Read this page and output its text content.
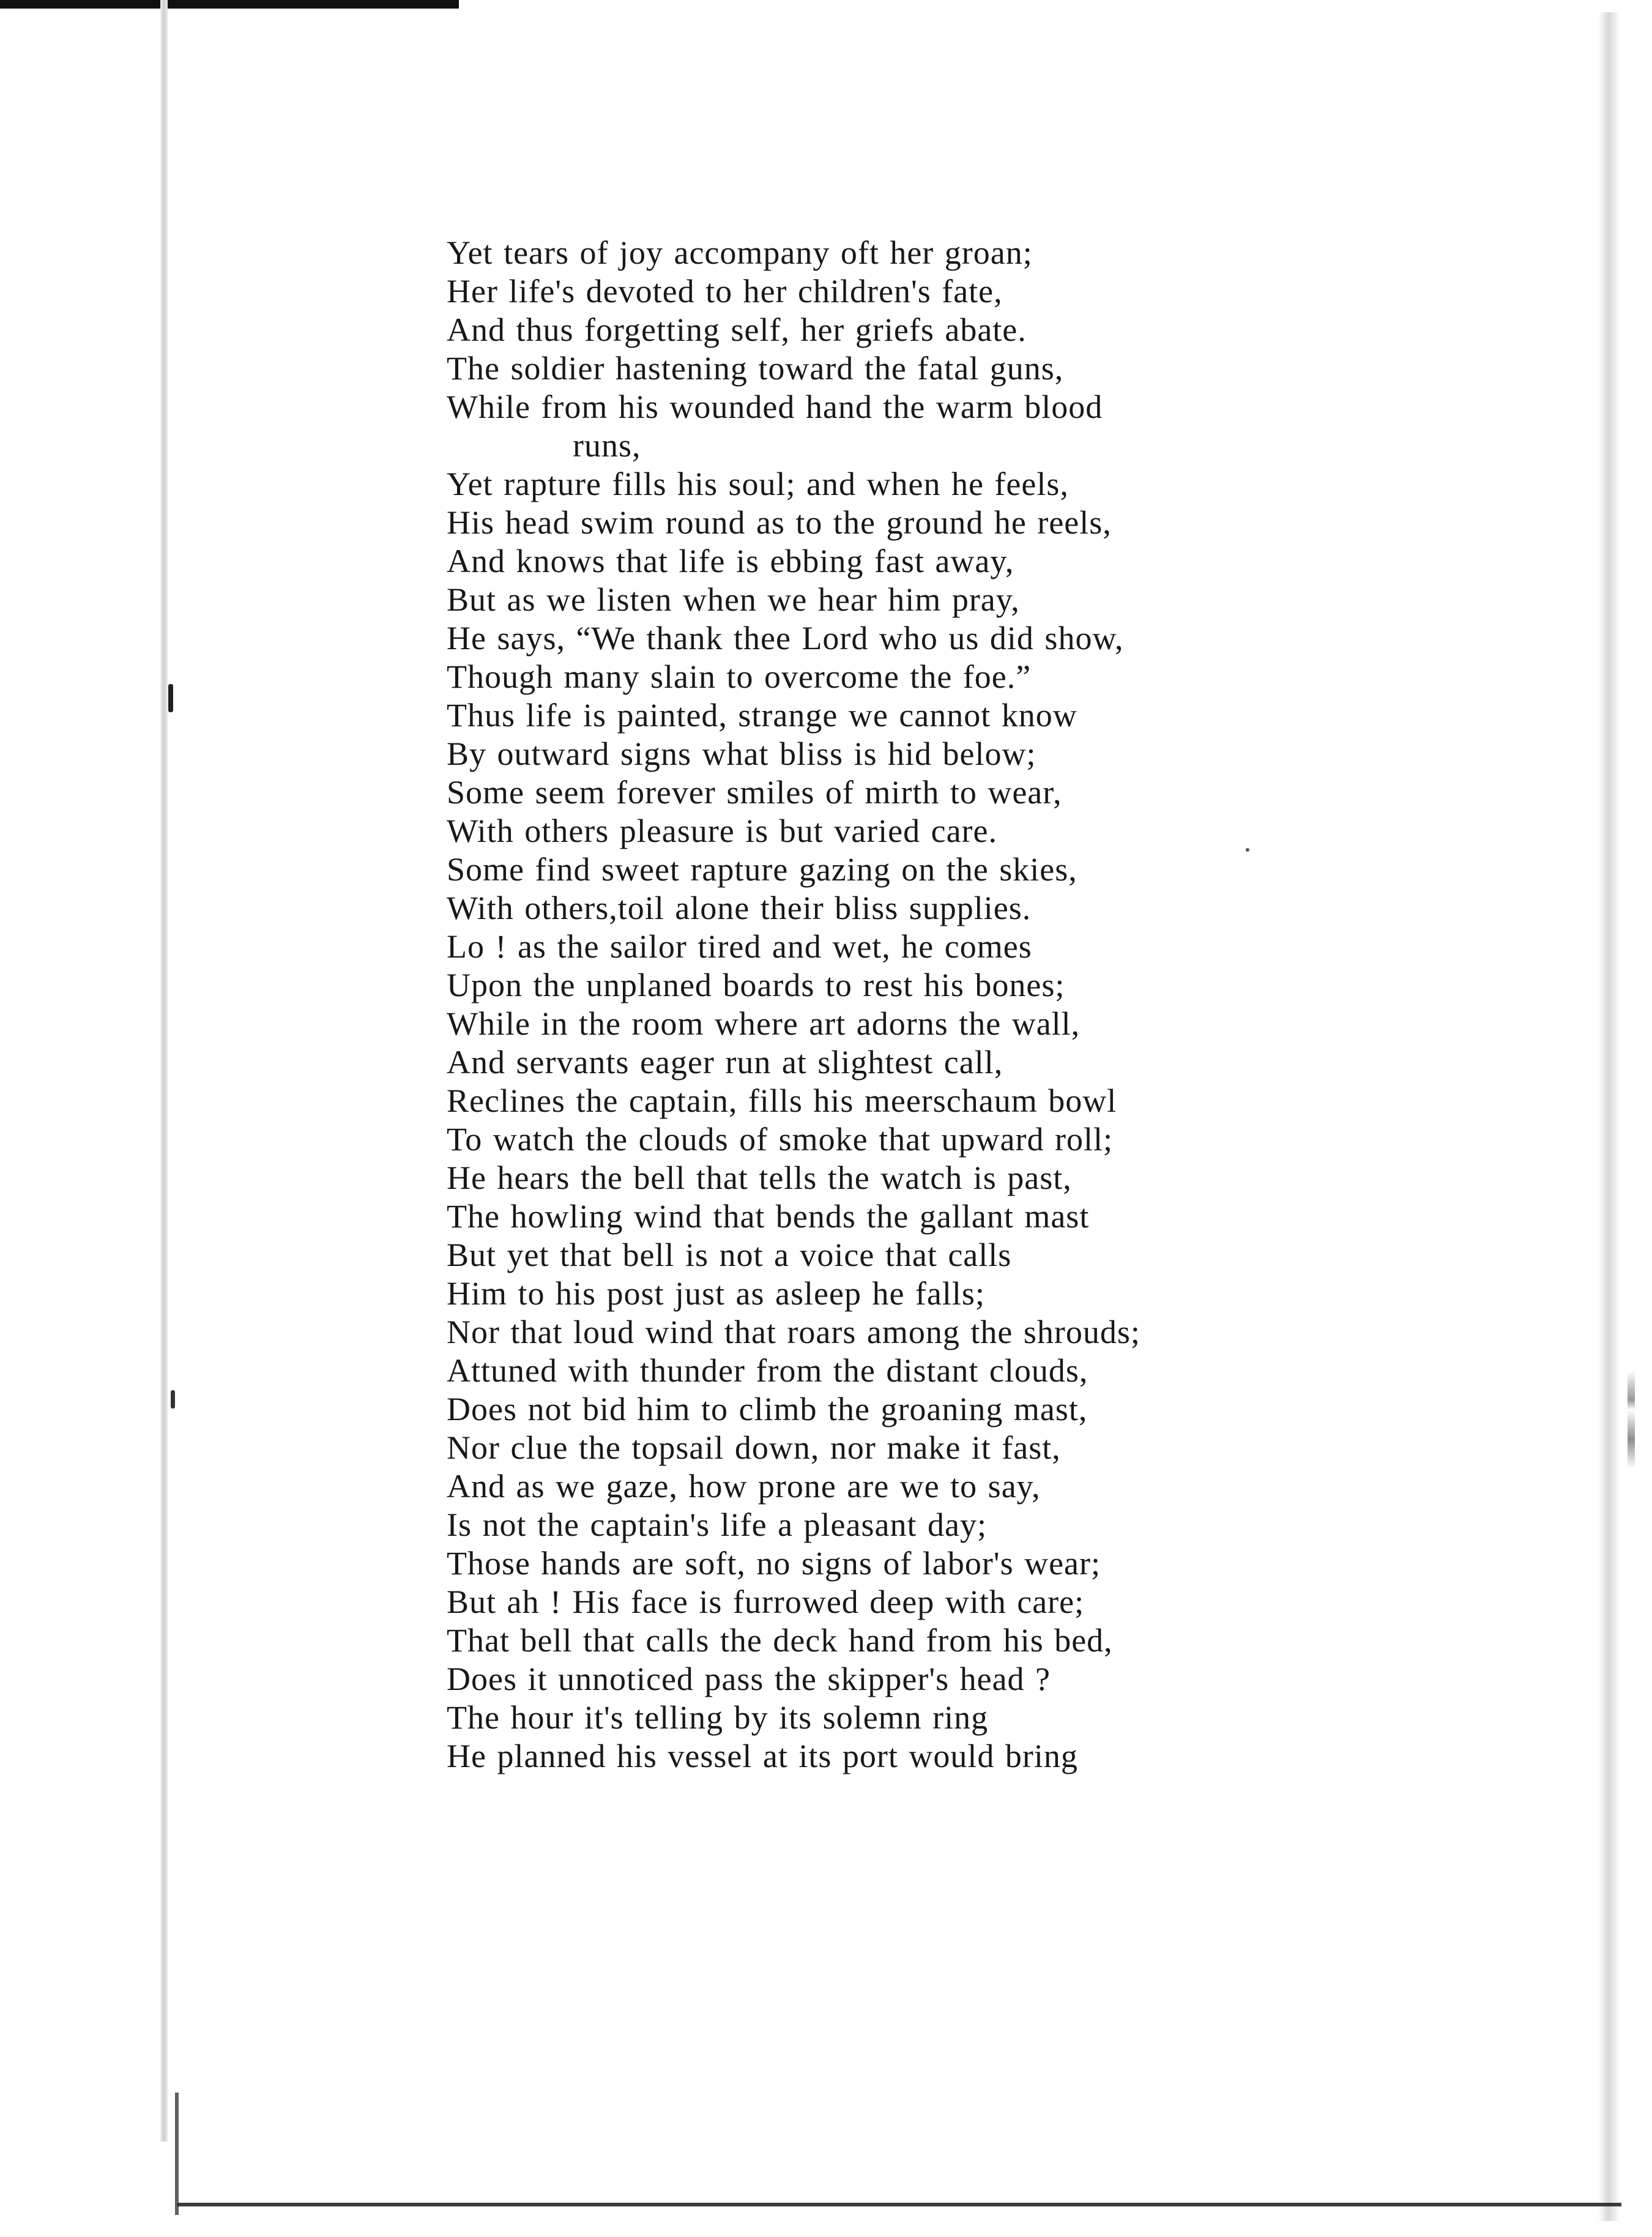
Yet tears of joy accompany oft her groan;
Her life's devoted to her children's fate,
And thus forgetting self, her griefs abate.
The soldier hastening toward the fatal guns,
While from his wounded hand the warm blood
runs,
Yet rapture fills his soul; and when he feels,
His head swim round as to the ground he reels,
And knows that life is ebbing fast away,
But as we listen when we hear him pray,
He says, “We thank thee Lord who us did show,
Though many slain to overcome the foe.”
Thus life is painted, strange we cannot know
By outward signs what bliss is hid below;
Some seem forever smiles of mirth to wear,
With others pleasure is but varied care.
Some find sweet rapture gazing on the skies,
With others,toil alone their bliss supplies.
Lo ! as the sailor tired and wet, he comes
Upon the unplaned boards to rest his bones;
While in the room where art adorns the wall,
And servants eager run at slightest call,
Reclines the captain, fills his meerschaum bowl
To watch the clouds of smoke that upward roll;
He hears the bell that tells the watch is past,
The howling wind that bends the gallant mast
But yet that bell is not a voice that calls
Him to his post just as asleep he falls;
Nor that loud wind that roars among the shrouds;
Attuned with thunder from the distant clouds,
Does not bid him to climb the groaning mast,
Nor clue the topsail down, nor make it fast,
And as we gaze, how prone are we to say,
Is not the captain's life a pleasant day;
Those hands are soft, no signs of labor's wear;
But ah ! His face is furrowed deep with care;
That bell that calls the deck hand from his bed,
Does it unnoticed pass the skipper's head ?
The hour it's telling by its solemn ring
He planned his vessel at its port would bring
